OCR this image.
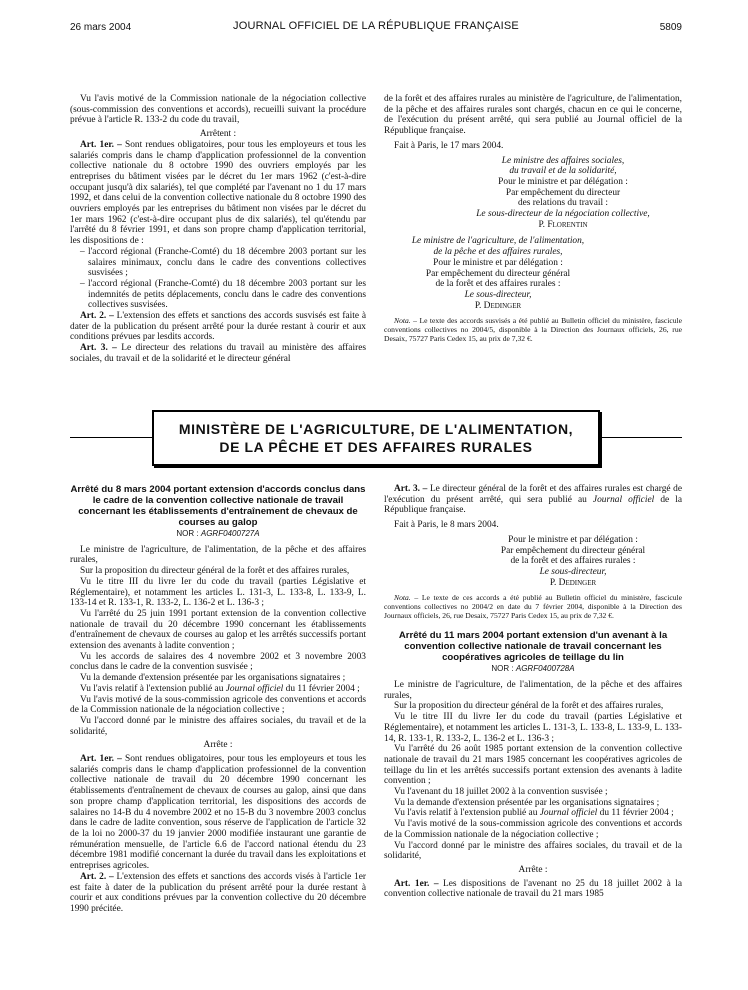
26 mars 2004	JOURNAL OFFICIEL DE LA RÉPUBLIQUE FRANÇAISE	5809

Vu l'avis motivé de la Commission nationale de la négociation collective (sous-commission des conventions et accords), recueilli suivant la procédure prévue à l'article R. 133-2 du code du travail,

Arrêtent :

Art. 1er. – Sont rendues obligatoires, pour tous les employeurs et tous les salariés compris dans le champ d'application professionnel de la convention collective nationale du 8 octobre 1990 des ouvriers employés par les entreprises du bâtiment visées par le décret du 1er mars 1962 (c'est-à-dire occupant jusqu'à dix salariés), tel que complété par l'avenant no 1 du 17 mars 1992, et dans celui de la convention collective nationale du 8 octobre 1990 des ouvriers employés par les entreprises du bâtiment non visées par le décret du 1er mars 1962 (c'est-à-dire occupant plus de dix salariés), tel qu'étendu par l'arrêté du 8 février 1991, et dans son propre champ d'application territorial, les dispositions de :

– l'accord régional (Franche-Comté) du 18 décembre 2003 portant sur les salaires minimaux, conclu dans le cadre des conventions collectives susvisées ;
– l'accord régional (Franche-Comté) du 18 décembre 2003 portant sur les indemnités de petits déplacements, conclu dans le cadre des conventions collectives susvisées.

Art. 2. – L'extension des effets et sanctions des accords susvisés est faite à dater de la publication du présent arrêté pour la durée restant à courir et aux conditions prévues par lesdits accords.

Art. 3. – Le directeur des relations du travail au ministère des affaires sociales, du travail et de la solidarité et le directeur général

de la forêt et des affaires rurales au ministère de l'agriculture, de l'alimentation, de la pêche et des affaires rurales sont chargés, chacun en ce qui le concerne, de l'exécution du présent arrêté, qui sera publié au Journal officiel de la République française.

Fait à Paris, le 17 mars 2004.

Le ministre des affaires sociales,
du travail et de la solidarité,
Pour le ministre et par délégation :
Par empêchement du directeur
des relations du travail :
Le sous-directeur de la négociation collective,
P. Florentin
Le ministre de l'agriculture, de l'alimentation,
de la pêche et des affaires rurales,
Pour le ministre et par délégation :
Par empêchement du directeur général
de la forêt et des affaires rurales :
Le sous-directeur,
P. Dedinger
Nota. – Le texte des accords susvisés a été publié au Bulletin officiel du ministère, fascicule conventions collectives no 2004/5, disponible à la Direction des Journaux officiels, 26, rue Desaix, 75727 Paris Cedex 15, au prix de 7,32 €.
MINISTÈRE DE L'AGRICULTURE, DE L'ALIMENTATION,
DE LA PÊCHE ET DES AFFAIRES RURALES
Arrêté du 8 mars 2004 portant extension d'accords conclus dans le cadre de la convention collective nationale de travail concernant les établissements d'entraînement de chevaux de courses au galop
NOR : AGRF0400727A

Le ministre de l'agriculture, de l'alimentation, de la pêche et des affaires rurales,

Sur la proposition du directeur général de la forêt et des affaires rurales,

Vu le titre III du livre Ier du code du travail (parties Législative et Réglementaire), et notamment les articles L. 131-3, L. 133-8, L. 133-9, L. 133-14 et R. 133-1, R. 133-2, L. 136-2 et L. 136-3 ;

Vu l'arrêté du 25 juin 1991 portant extension de la convention collective nationale de travail du 20 décembre 1990 concernant les établissements d'entraînement de chevaux de courses au galop et les arrêtés successifs portant extension des avenants à ladite convention ;

Vu les accords de salaires des 4 novembre 2002 et 3 novembre 2003 conclus dans le cadre de la convention susvisée ;

Vu la demande d'extension présentée par les organisations signataires ;

Vu l'avis relatif à l'extension publié au Journal officiel du 11 février 2004 ;

Vu l'avis motivé de la sous-commission agricole des conventions et accords de la Commission nationale de la négociation collective ;

Vu l'accord donné par le ministre des affaires sociales, du travail et de la solidarité,

Arrête :

Art. 1er. – Sont rendues obligatoires, pour tous les employeurs et tous les salariés compris dans le champ d'application professionnel de la convention collective nationale de travail du 20 décembre 1990 concernant les établissements d'entraînement de chevaux de courses au galop, ainsi que dans son propre champ d'application territorial, les dispositions des accords de salaires no 14-B du 4 novembre 2002 et no 15-B du 3 novembre 2003 conclus dans le cadre de ladite convention, sous réserve de l'application de l'article 32 de la loi no 2000-37 du 19 janvier 2000 modifiée instaurant une garantie de rémunération mensuelle, de l'article 6.6 de l'accord national étendu du 23 décembre 1981 modifié concernant la durée du travail dans les exploitations et entreprises agricoles.

Art. 2. – L'extension des effets et sanctions des accords visés à l'article 1er est faite à dater de la publication du présent arrêté pour la durée restant à courir et aux conditions prévues par la convention collective du 20 décembre 1990 précitée.

Art. 3. – Le directeur général de la forêt et des affaires rurales est chargé de l'exécution du présent arrêté, qui sera publié au Journal officiel de la République française.

Fait à Paris, le 8 mars 2004.

Pour le ministre et par délégation :
Par empêchement du directeur général
de la forêt et des affaires rurales :
Le sous-directeur,
P. Dedinger
Nota. – Le texte de ces accords a été publié au Bulletin officiel du ministère, fascicule conventions collectives no 2004/2 en date du 7 février 2004, disponible à la Direction des Journaux officiels, 26, rue Desaix, 75727 Paris Cedex 15, au prix de 7,32 €.
Arrêté du 11 mars 2004 portant extension d'un avenant à la convention collective nationale de travail concernant les coopératives agricoles de teillage du lin
NOR : AGRF0400728A

Le ministre de l'agriculture, de l'alimentation, de la pêche et des affaires rurales,

Sur la proposition du directeur général de la forêt et des affaires rurales,

Vu le titre III du livre Ier du code du travail (parties Législative et Réglementaire), et notamment les articles L. 131-3, L. 133-8, L. 133-9, L. 133-14, R. 133-1, R. 133-2, L. 136-2 et L. 136-3 ;

Vu l'arrêté du 26 août 1985 portant extension de la convention collective nationale de travail du 21 mars 1985 concernant les coopératives agricoles de teillage du lin et les arrêtés successifs portant extension des avenants à ladite convention ;

Vu l'avenant du 18 juillet 2002 à la convention susvisée ;

Vu la demande d'extension présentée par les organisations signataires ;

Vu l'avis relatif à l'extension publié au Journal officiel du 11 février 2004 ;

Vu l'avis motivé de la sous-commission agricole des conventions et accords de la Commission nationale de la négociation collective ;

Vu l'accord donné par le ministre des affaires sociales, du travail et de la solidarité,

Arrête :

Art. 1er. – Les dispositions de l'avenant no 25 du 18 juillet 2002 à la convention collective nationale de travail du 21 mars 1985
